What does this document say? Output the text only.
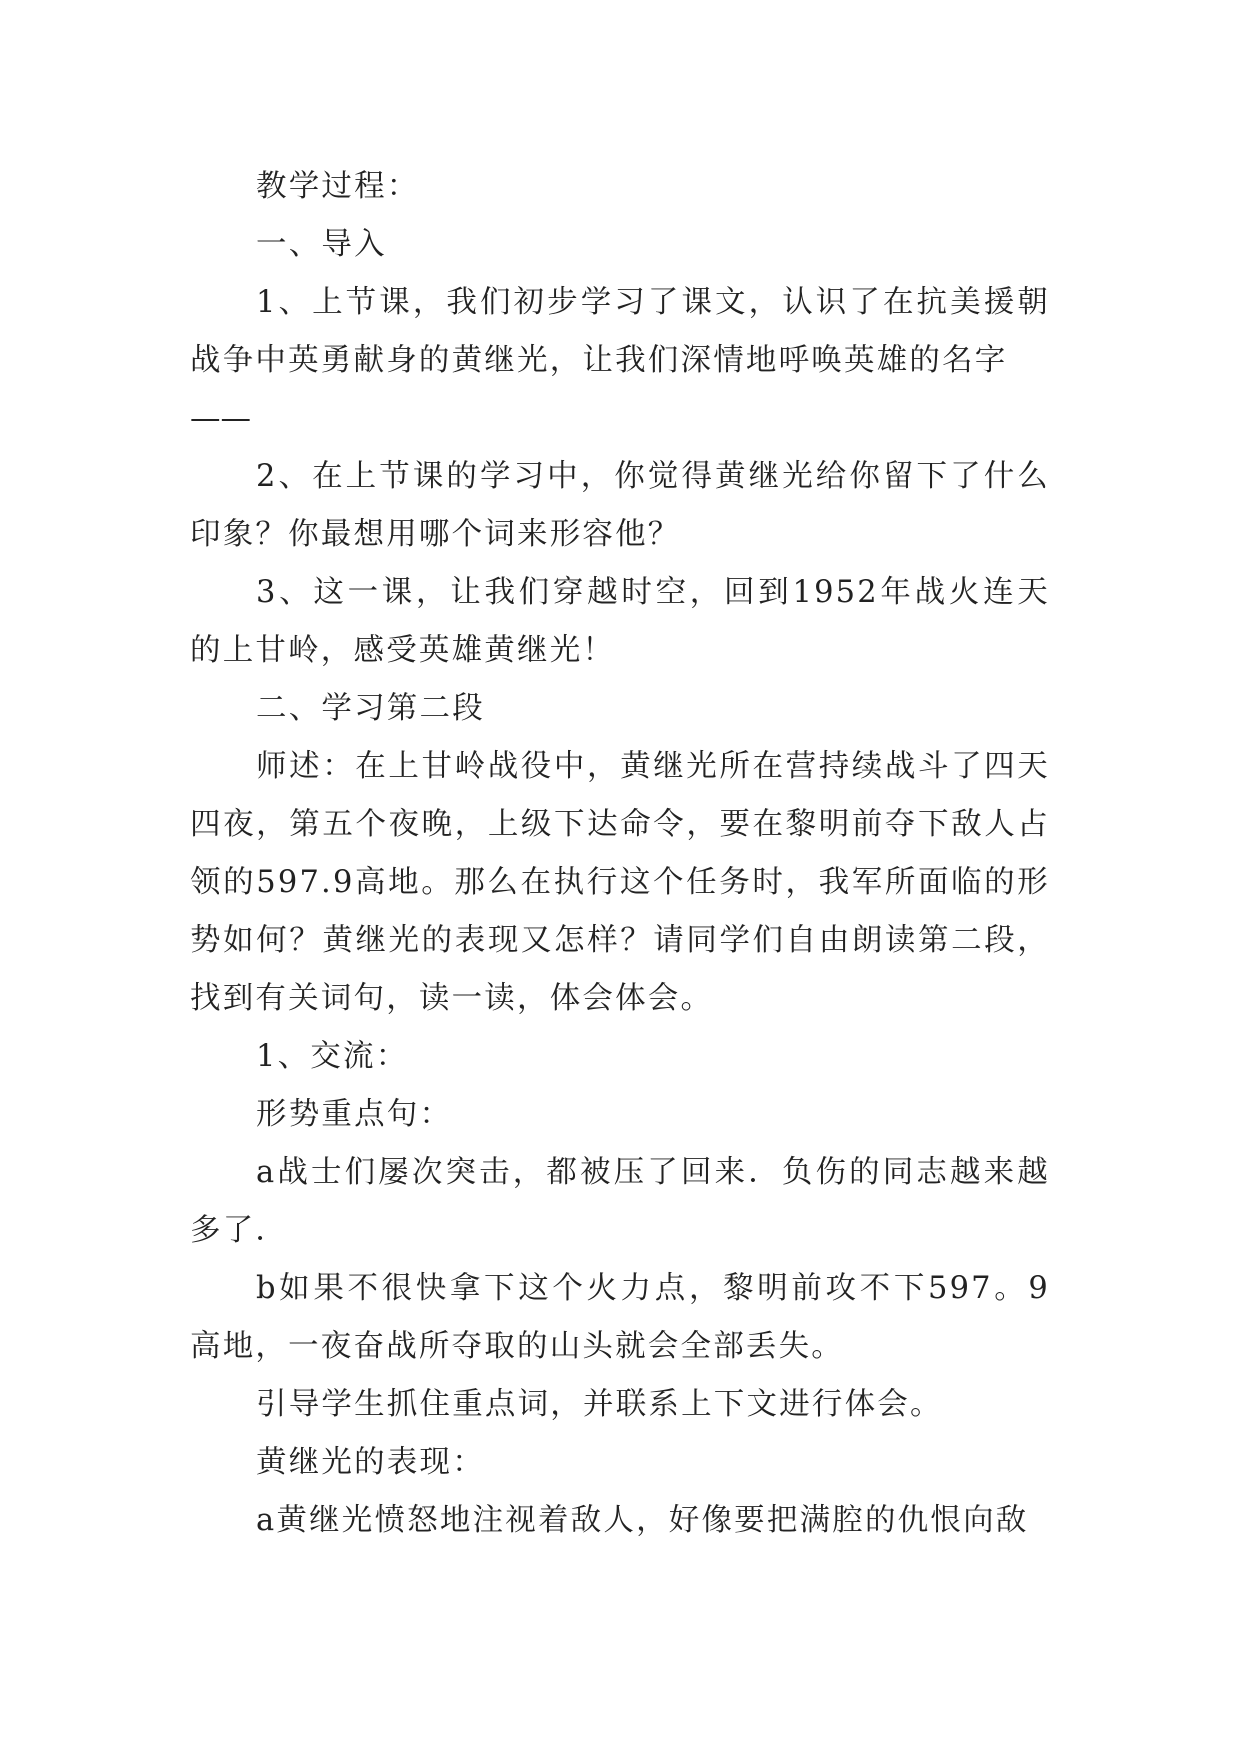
教学过程：

一、导入

1、上节课，我们初步学习了课文，认识了在抗美援朝战争中英勇献身的黄继光，让我们深情地呼唤英雄的名字

——

2、在上节课的学习中，你觉得黄继光给你留下了什么印象？你最想用哪个词来形容他？

3、这一课，让我们穿越时空，回到1952年战火连天的上甘岭，感受英雄黄继光！

二、学习第二段

师述：在上甘岭战役中，黄继光所在营持续战斗了四天四夜，第五个夜晚，上级下达命令，要在黎明前夺下敌人占领的597.9高地。那么在执行这个任务时，我军所面临的形势如何？黄继光的表现又怎样？请同学们自由朗读第二段，找到有关词句，读一读，体会体会。

1、交流：

形势重点句：

a战士们屡次突击，都被压了回来．负伤的同志越来越多了．

b如果不很快拿下这个火力点，黎明前攻不下597。9高地，一夜奋战所夺取的山头就会全部丢失。

引导学生抓住重点词，并联系上下文进行体会。

黄继光的表现：

a黄继光愤怒地注视着敌人，好像要把满腔的仇恨向敌
